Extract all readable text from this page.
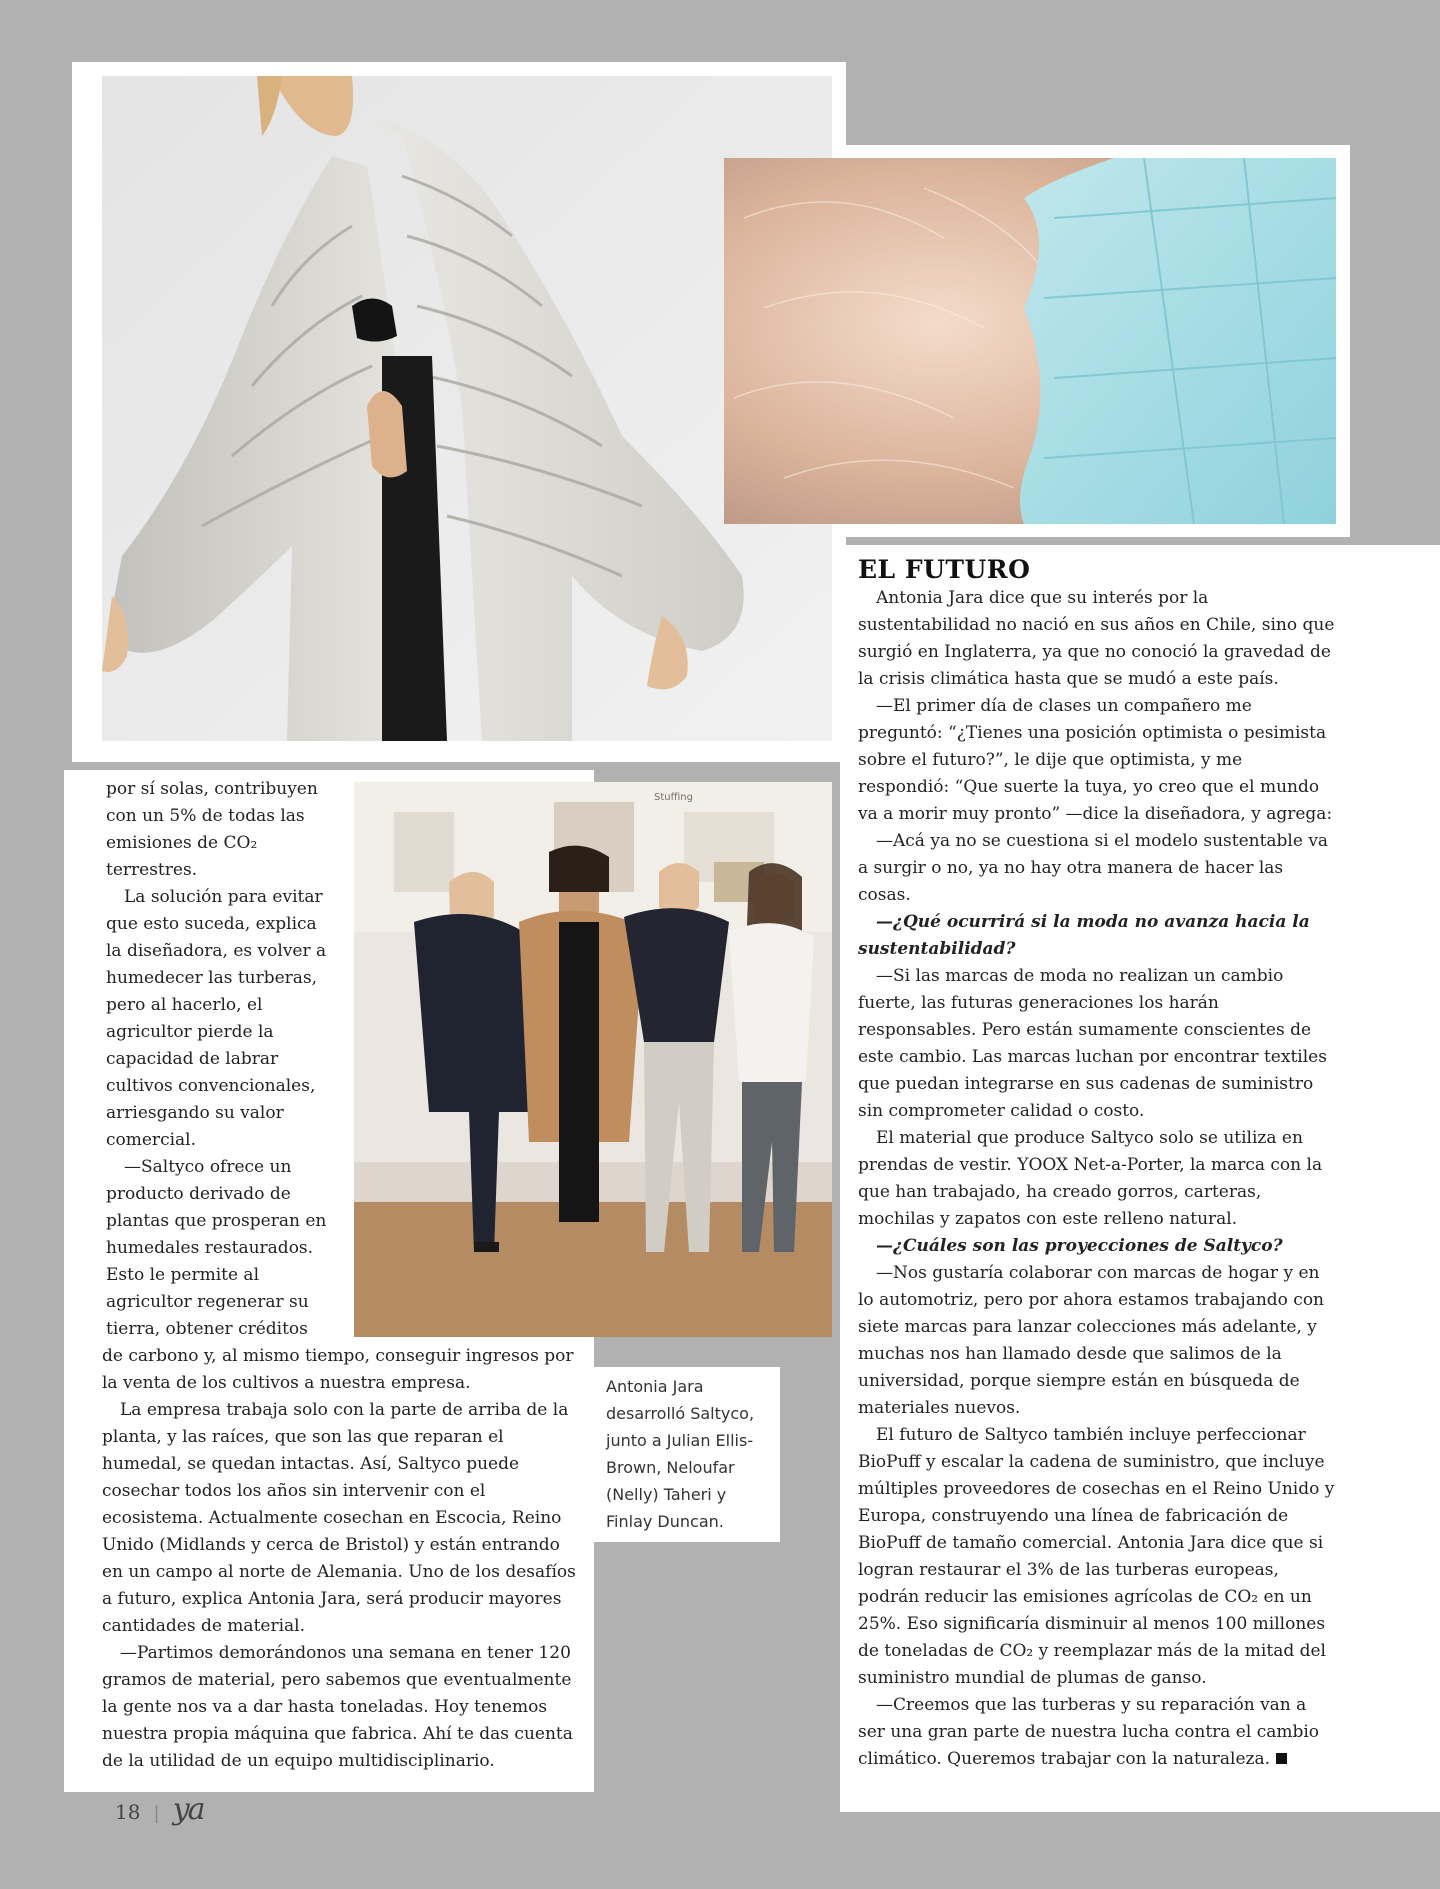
Stuffing
EL FUTURO

Antonia Jara dice que su interés por la sustentabilidad no nació en sus años en Chile, sino que surgió en Inglaterra, ya que no conoció la gravedad de la crisis climática hasta que se mudó a este país.

—El primer día de clases un compañero me preguntó: “¿Tienes una posición optimista o pesimista sobre el futuro?”, le dije que optimista, y me respondió: “Que suerte la tuya, yo creo que el mundo va a morir muy pronto” —dice la diseñadora, y agrega:

—Acá ya no se cuestiona si el modelo sustentable va a surgir o no, ya no hay otra manera de hacer las cosas.

—¿Qué ocurrirá si la moda no avanza hacia la sustentabilidad?

—Si las marcas de moda no realizan un cambio fuerte, las futuras generaciones los harán responsables. Pero están sumamente conscientes de este cambio. Las marcas luchan por encontrar textiles que puedan integrarse en sus cadenas de suministro sin comprometer calidad o costo.

El material que produce Saltyco solo se utiliza en prendas de vestir. YOOX Net-a-Porter, la marca con la que han trabajado, ha creado gorros, carteras, mochilas y zapatos con este relleno natural.

—¿Cuáles son las proyecciones de Saltyco?

—Nos gustaría colaborar con marcas de hogar y en lo automotriz, pero por ahora estamos trabajando con siete marcas para lanzar colecciones más adelante, y muchas nos han llamado desde que salimos de la universidad, porque siempre están en búsqueda de materiales nuevos.

El futuro de Saltyco también incluye perfeccionar BioPuff y escalar la cadena de suministro, que incluye múltiples proveedores de cosechas en el Reino Unido y Europa, construyendo una línea de fabricación de BioPuff de tamaño comercial. Antonia Jara dice que si logran restaurar el 3% de las turberas europeas, podrán reducir las emisiones agrícolas de CO₂ en un 25%. Eso significaría disminuir al menos 100 millones de toneladas de CO₂ y reemplazar más de la mitad del suministro mundial de plumas de ganso.

—Creemos que las turberas y su reparación van a ser una gran parte de nuestra lucha contra el cambio climático. Queremos trabajar con la naturaleza.

por sí solas, contribuyen con un 5% de todas las emisiones de CO₂ terrestres.

La solución para evitar que esto suceda, explica la diseñadora, es volver a humedecer las turberas, pero al hacerlo, el agricultor pierde la capacidad de labrar cultivos convencionales, arriesgando su valor comercial.

—Saltyco ofrece un producto derivado de plantas que prosperan en humedales restaurados. Esto le permite al agricultor regenerar su tierra, obtener créditos de carbono y, al mismo tiempo, conseguir ingresos por la venta de los cultivos a nuestra empresa.

La empresa trabaja solo con la parte de arriba de la planta, y las raíces, que son las que reparan el humedal, se quedan intactas. Así, Saltyco puede cosechar todos los años sin intervenir con el ecosistema. Actualmente cosechan en Escocia, Reino Unido (Midlands y cerca de Bristol) y están entrando en un campo al norte de Alemania. Uno de los desafíos a futuro, explica Antonia Jara, será producir mayores cantidades de material.

—Partimos demorándonos una semana en tener 120 gramos de material, pero sabemos que eventualmente la gente nos va a dar hasta toneladas. Hoy tenemos nuestra propia máquina que fabrica. Ahí te das cuenta de la utilidad de un equipo multidisciplinario.

Antonia Jara desarrolló Saltyco, junto a Julian Ellis-Brown, Neloufar (Nelly) Taheri y Finlay Duncan.
18 | ya
